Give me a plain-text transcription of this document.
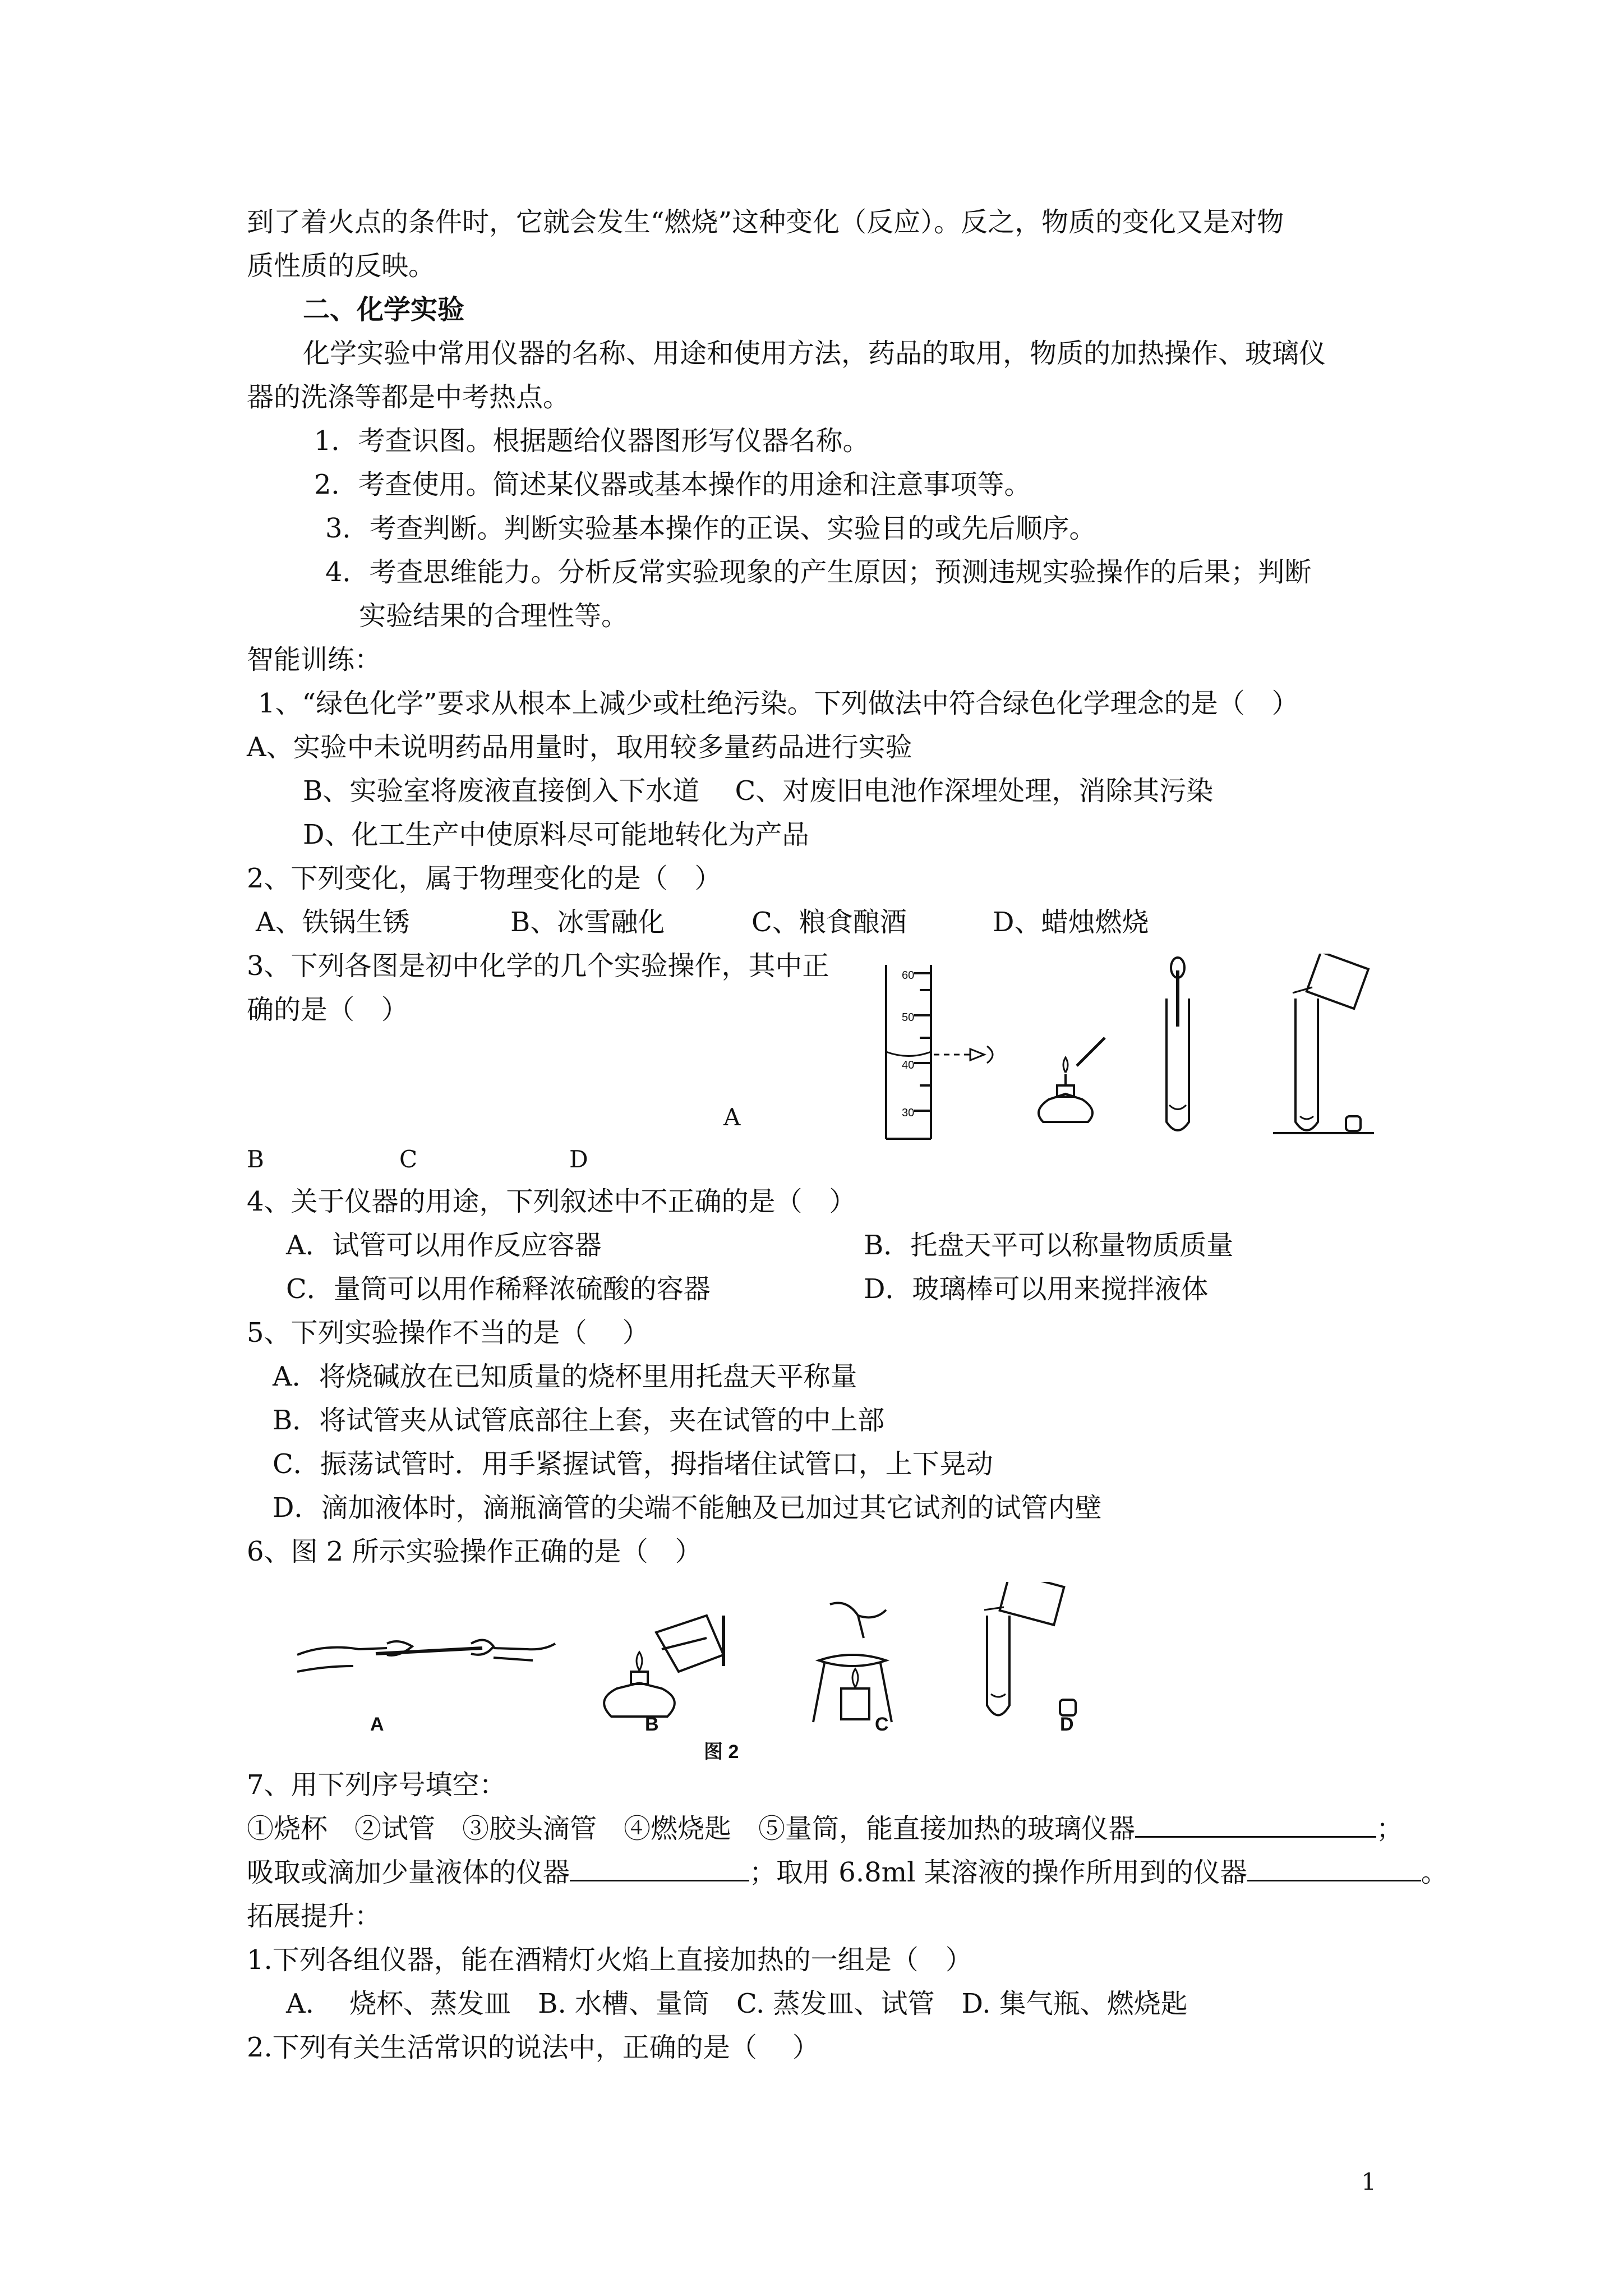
到了着火点的条件时，它就会发生“燃烧”这种变化（反应）。反之，物质的变化又是对物
质性质的反映。
二、化学实验
化学实验中常用仪器的名称、用途和使用方法，药品的取用，物质的加热操作、玻璃仪
器的洗涤等都是中考热点。
1．考查识图。根据题给仪器图形写仪器名称。
2．考查使用。简述某仪器或基本操作的用途和注意事项等。
3．考查判断。判断实验基本操作的正误、实验目的或先后顺序。
4．考查思维能力。分析反常实验现象的产生原因；预测违规实验操作的后果；判断
实验结果的合理性等。
智能训练：
1、“绿色化学”要求从根本上减少或杜绝污染。下列做法中符合绿色化学理念的是（　）
A、实验中未说明药品用量时，取用较多量药品进行实验
B、实验室将废液直接倒入下水道　 C、对废旧电池作深埋处理，消除其污染
D、化工生产中使原料尽可能地转化为产品
2、下列变化，属于物理变化的是（　）
A、铁锅生锈	B、冰雪融化	C、粮食酿酒	D、蜡烛燃烧
3、下列各图是初中化学的几个实验操作，其中正
确的是（　）
60
50
40
30
A
B	C	D
4、关于仪器的用途，下列叙述中不正确的是（　）
A．试管可以用作反应容器	B．托盘天平可以称量物质质量
C．量筒可以用作稀释浓硫酸的容器	D．玻璃棒可以用来搅拌液体
5、下列实验操作不当的是（　 ）
A．将烧碱放在已知质量的烧杯里用托盘天平称量
B．将试管夹从试管底部往上套，夹在试管的中上部
C．振荡试管时．用手紧握试管，拇指堵住试管口，上下晃动
D．滴加液体时，滴瓶滴管的尖端不能触及已加过其它试剂的试管内壁
6、图 2 所示实验操作正确的是（　）
A	B	C	D
图 2
7、用下列序号填空：
①烧杯　②试管　③胶头滴管　④燃烧匙　⑤量筒，能直接加热的玻璃仪器	；
吸取或滴加少量液体的仪器	；取用 6.8ml 某溶液的操作所用到的仪器	。
拓展提升：
1.下列各组仪器，能在酒精灯火焰上直接加热的一组是（　）
A.　 烧杯、蒸发皿　B. 水槽、量筒　C. 蒸发皿、试管　D. 集气瓶、燃烧匙
2.下列有关生活常识的说法中，正确的是（　 ）
1
